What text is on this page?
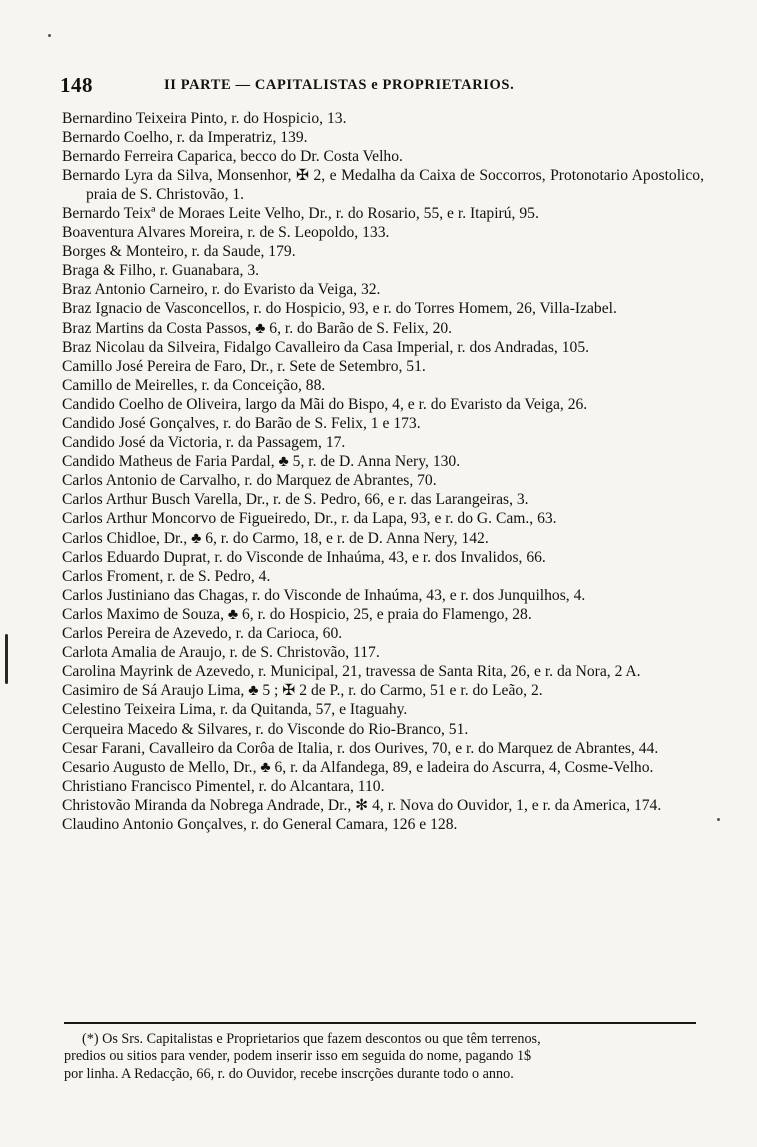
148	II PARTE — CAPITALISTAS e PROPRIETARIOS.
Bernardino Teixeira Pinto, r. do Hospicio, 13.
Bernardo Coelho, r. da Imperatriz, 139.
Bernardo Ferreira Caparica, becco do Dr. Costa Velho.
Bernardo Lyra da Silva, Monsenhor, ✠ 2, e Medalha da Caixa de Soccorros, Protonotario Apostolico, praia de S. Christovão, 1.
Bernardo Teixª de Moraes Leite Velho, Dr., r. do Rosario, 55, e r. Itapirú, 95.
Boaventura Alvares Moreira, r. de S. Leopoldo, 133.
Borges & Monteiro, r. da Saude, 179.
Braga & Filho, r. Guanabara, 3.
Braz Antonio Carneiro, r. do Evaristo da Veiga, 32.
Braz Ignacio de Vasconcellos, r. do Hospicio, 93, e r. do Torres Homem, 26, Villa-Izabel.
Braz Martins da Costa Passos, ♣ 6, r. do Barão de S. Felix, 20.
Braz Nicolau da Silveira, Fidalgo Cavalleiro da Casa Imperial, r. dos Andradas, 105.
Camillo José Pereira de Faro, Dr., r. Sete de Setembro, 51.
Camillo de Meirelles, r. da Conceição, 88.
Candido Coelho de Oliveira, largo da Mãi do Bispo, 4, e r. do Evaristo da Veiga, 26.
Candido José Gonçalves, r. do Barão de S. Felix, 1 e 173.
Candido José da Victoria, r. da Passagem, 17.
Candido Matheus de Faria Pardal, ♣ 5, r. de D. Anna Nery, 130.
Carlos Antonio de Carvalho, r. do Marquez de Abrantes, 70.
Carlos Arthur Busch Varella, Dr., r. de S. Pedro, 66, e r. das Larangeiras, 3.
Carlos Arthur Moncorvo de Figueiredo, Dr., r. da Lapa, 93, e r. do G. Cam., 63.
Carlos Chidloe, Dr., ♣ 6, r. do Carmo, 18, e r. de D. Anna Nery, 142.
Carlos Eduardo Duprat, r. do Visconde de Inhaúma, 43, e r. dos Invalidos, 66.
Carlos Froment, r. de S. Pedro, 4.
Carlos Justiniano das Chagas, r. do Visconde de Inhaúma, 43, e r. dos Junquilhos, 4.
Carlos Maximo de Souza, ♣ 6, r. do Hospicio, 25, e praia do Flamengo, 28.
Carlos Pereira de Azevedo, r. da Carioca, 60.
Carlota Amalia de Araujo, r. de S. Christovão, 117.
Carolina Mayrink de Azevedo, r. Municipal, 21, travessa de Santa Rita, 26, e r. da Nora, 2 A.
Casimiro de Sá Araujo Lima, ♣ 5 ; ✠ 2 de P., r. do Carmo, 51 e r. do Leão, 2.
Celestino Teixeira Lima, r. da Quitanda, 57, e Itaguahy.
Cerqueira Macedo & Silvares, r. do Visconde do Rio-Branco, 51.
Cesar Farani, Cavalleiro da Corôa de Italia, r. dos Ourives, 70, e r. do Marquez de Abrantes, 44.
Cesario Augusto de Mello, Dr., ♣ 6, r. da Alfandega, 89, e ladeira do Ascurra, 4, Cosme-Velho.
Christiano Francisco Pimentel, r. do Alcantara, 110.
Christovão Miranda da Nobrega Andrade, Dr., ✻ 4, r. Nova do Ouvidor, 1, e r. da America, 174.
Claudino Antonio Gonçalves, r. do General Camara, 126 e 128.
(*) Os Srs. Capitalistas e Proprietarios que fazem descontos ou que têm terrenos,
predios ou sitios para vender, podem inserir isso em seguida do nome, pagando 1$
por linha. A Redacção, 66, r. do Ouvidor, recebe inscrções durante todo o anno.
